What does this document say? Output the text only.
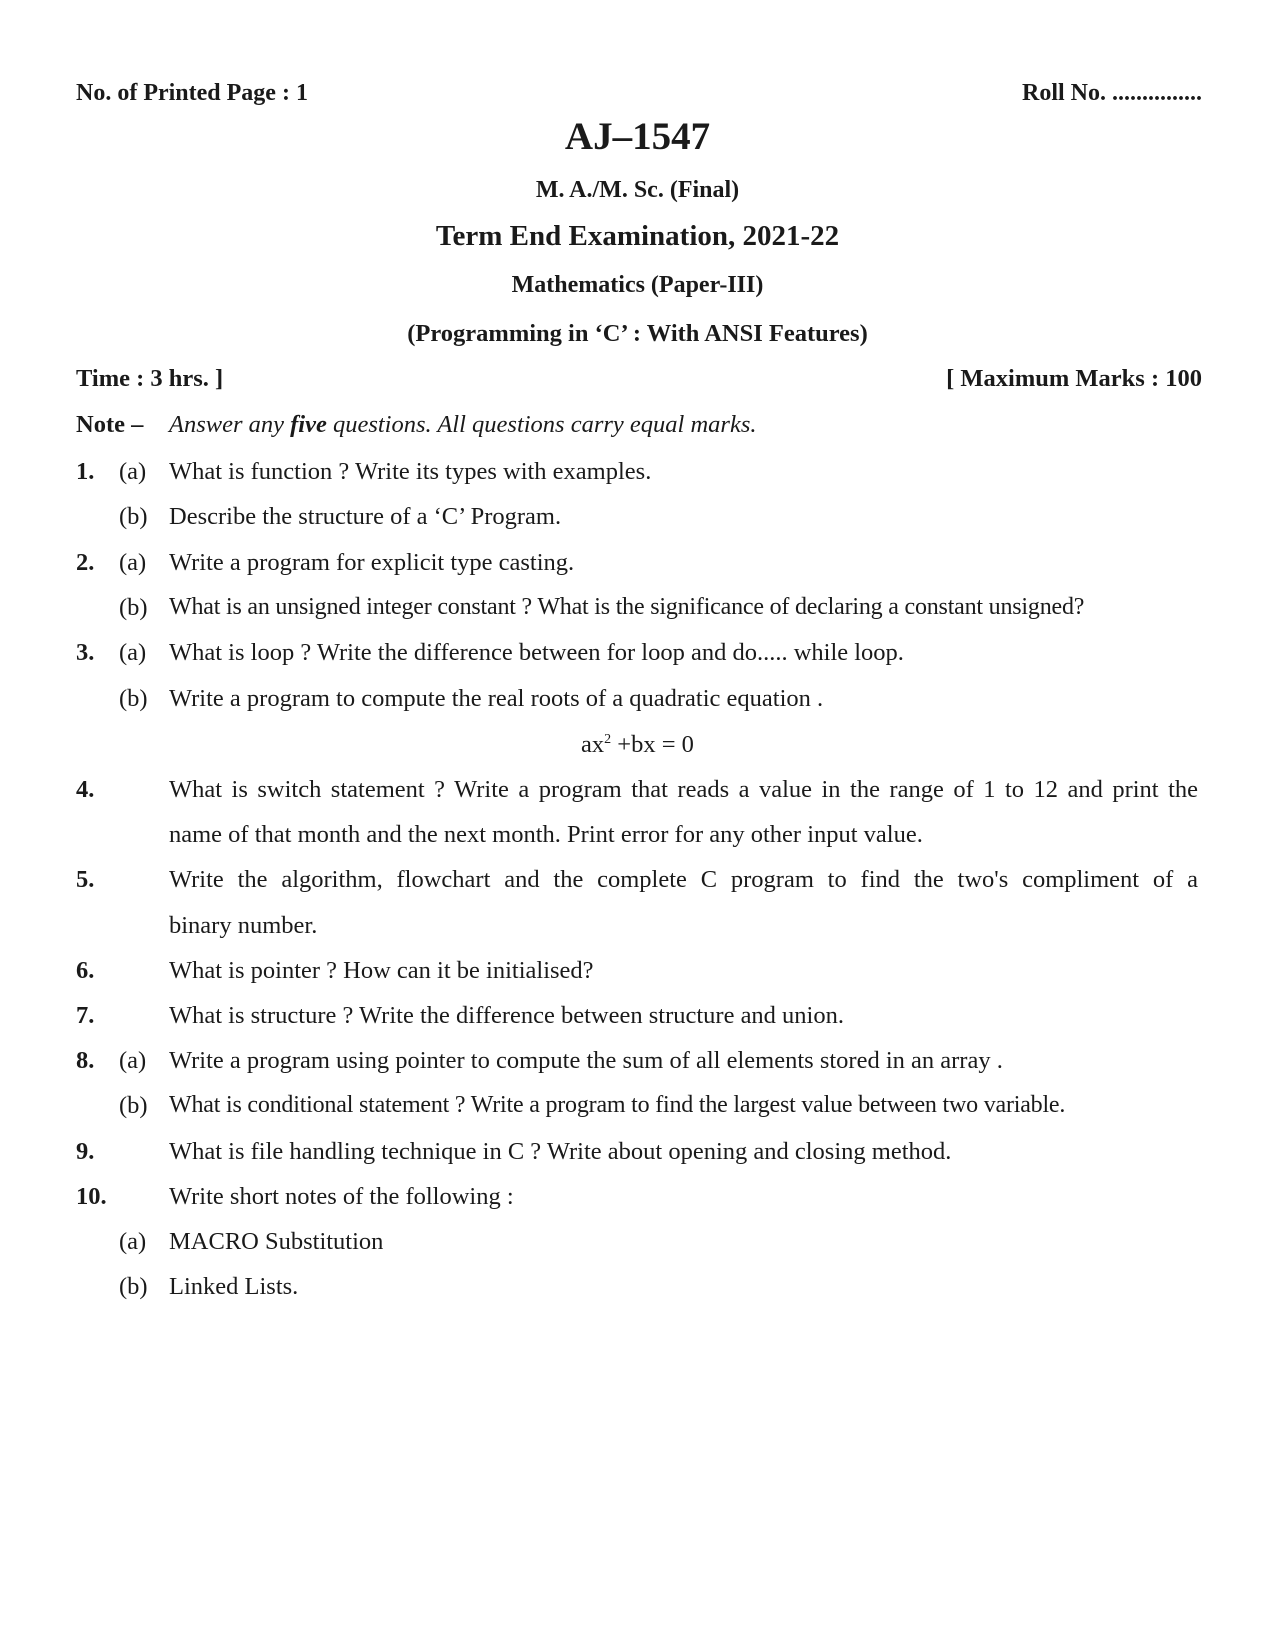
No. of Printed Page : 1	Roll No. ...............
AJ–1547
M. A./M. Sc. (Final)
Term End Examination, 2021-22
Mathematics (Paper-III)
(Programming in ‘C’ : With ANSI Features)
Time : 3 hrs. ]	[ Maximum Marks : 100
Note – Answer any five questions. All questions carry equal marks.
1. (a) What is function ? Write its types with examples.
(b) Describe the structure of a ‘C’ Program.
2. (a) Write a program for explicit type casting.
(b) What is an unsigned integer constant ? What is the significance of declaring a constant unsigned?
3. (a) What is loop ? Write the difference between for loop and do..... while loop.
(b) Write a program to compute the real roots of a quadratic equation .
$ax^2 +bx = 0$
4.	What is switch statement ? Write a program that reads a value in the range of 1 to 12 and print the
name of that month and the next month. Print error for any other input value.
5.	Write the algorithm, flowchart and the complete C program to find the two's compliment of a
binary number.
6.	What is pointer ? How can it be initialised?
7.	What is structure ? Write the difference between structure and union.
8. (a) Write a program using pointer to compute the sum of all elements stored in an array .
(b) What is conditional statement ? Write a program to find the largest value between two variable.
9.	What is file handling technique in C ? Write about opening and closing method.
10.	Write short notes of the following :
(a) MACRO Substitution
(b) Linked Lists.
